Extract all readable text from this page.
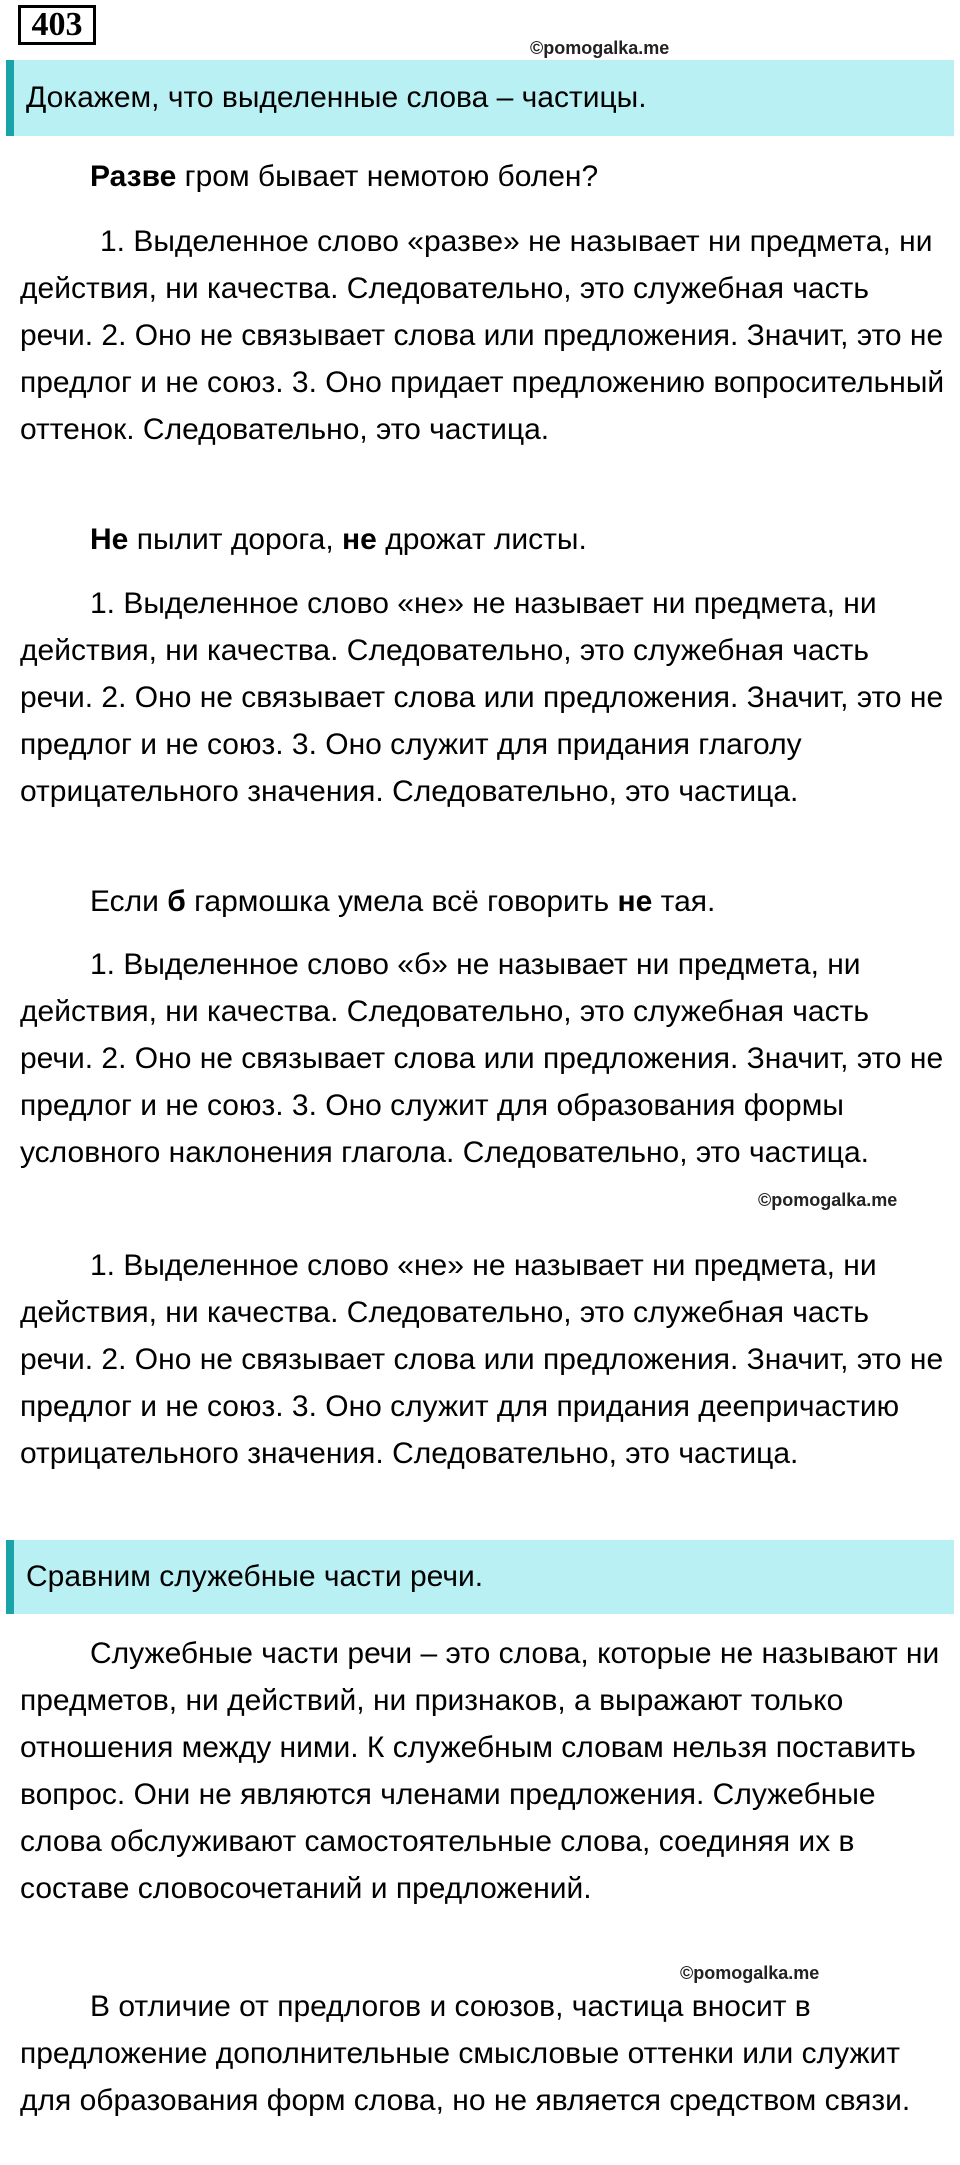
403
©pomogalka.me
Докажем, что выделенные слова – частицы.
Разве гром бывает немотою болен?

1. Выделенное слово «разве» не называет ни предмета, ни действия, ни качества. Следовательно, это служебная часть речи. 2. Оно не связывает слова или предложения. Значит, это не предлог и не союз. 3. Оно придает предложению вопросительный оттенок. Следовательно, это частица.

Не пылит дорога, не дрожат листы.

1. Выделенное слово «не» не называет ни предмета, ни действия, ни качества. Следовательно, это служебная часть речи. 2. Оно не связывает слова или предложения. Значит, это не предлог и не союз. 3. Оно служит для придания глаголу отрицательного значения. Следовательно, это частица.

Если б гармошка умела всё говорить не тая.

1. Выделенное слово «б» не называет ни предмета, ни действия, ни качества. Следовательно, это служебная часть речи. 2. Оно не связывает слова или предложения. Значит, это не предлог и не союз. 3. Оно служит для образования формы условного наклонения глагола. Следовательно, это частица.

©pomogalka.me

1. Выделенное слово «не» не называет ни предмета, ни действия, ни качества. Следовательно, это служебная часть речи. 2. Оно не связывает слова или предложения. Значит, это не предлог и не союз. 3. Оно служит для придания деепричастию отрицательного значения. Следовательно, это частица.

Сравним служебные части речи.

Служебные части речи – это слова, которые не называют ни предметов, ни действий, ни признаков, а выражают только отношения между ними. К служебным словам нельзя поставить вопрос. Они не являются членами предложения. Служебные слова обслуживают самостоятельные слова, соединяя их в составе словосочетаний и предложений.

©pomogalka.me

В отличие от предлогов и союзов, частица вносит в предложение дополнительные смысловые оттенки или служит для образования форм слова, но не является средством связи.
